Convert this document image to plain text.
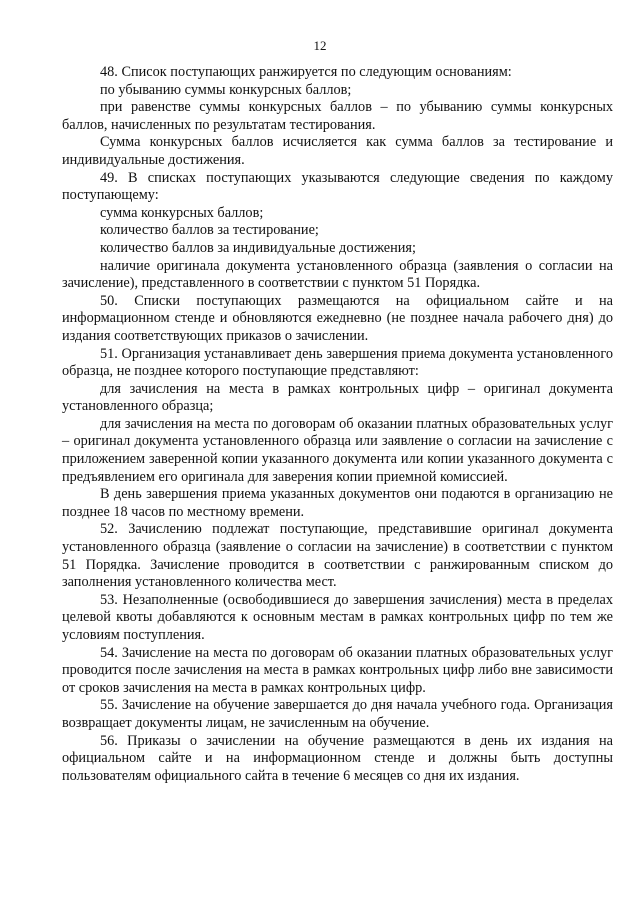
12

48. Список поступающих ранжируется по следующим основаниям:

по убыванию суммы конкурсных баллов;

при равенстве суммы конкурсных баллов – по убыванию суммы конкурсных баллов, начисленных по результатам тестирования.

Сумма конкурсных баллов исчисляется как сумма баллов за тестирование и индивидуальные достижения.

49. В списках поступающих указываются следующие сведения по каждому поступающему:

сумма конкурсных баллов;

количество баллов за тестирование;

количество баллов за индивидуальные достижения;

наличие оригинала документа установленного образца (заявления о согласии на зачисление), представленного в соответствии с пунктом 51 Порядка.

50. Списки поступающих размещаются на официальном сайте и на информационном стенде и обновляются ежедневно (не позднее начала рабочего дня) до издания соответствующих приказов о зачислении.

51. Организация устанавливает день завершения приема документа установленного образца, не позднее которого поступающие представляют:

для зачисления на места в рамках контрольных цифр – оригинал документа установленного образца;

для зачисления на места по договорам об оказании платных образовательных услуг – оригинал документа установленного образца или заявление о согласии на зачисление с приложением заверенной копии указанного документа или копии указанного документа с предъявлением его оригинала для заверения копии приемной комиссией.

В день завершения приема указанных документов они подаются в организацию не позднее 18 часов по местному времени.

52. Зачислению подлежат поступающие, представившие оригинал документа установленного образца (заявление о согласии на зачисление) в соответствии с пунктом 51 Порядка. Зачисление проводится в соответствии с ранжированным списком до заполнения установленного количества мест.

53. Незаполненные (освободившиеся до завершения зачисления) места в пределах целевой квоты добавляются к основным местам в рамках контрольных цифр по тем же условиям поступления.

54. Зачисление на места по договорам об оказании платных образовательных услуг проводится после зачисления на места в рамках контрольных цифр либо вне зависимости от сроков зачисления на места в рамках контрольных цифр.

55. Зачисление на обучение завершается до дня начала учебного года. Организация возвращает документы лицам, не зачисленным на обучение.

56. Приказы о зачислении на обучение размещаются в день их издания на официальном сайте и на информационном стенде и должны быть доступны пользователям официального сайта в течение 6 месяцев со дня их издания.
